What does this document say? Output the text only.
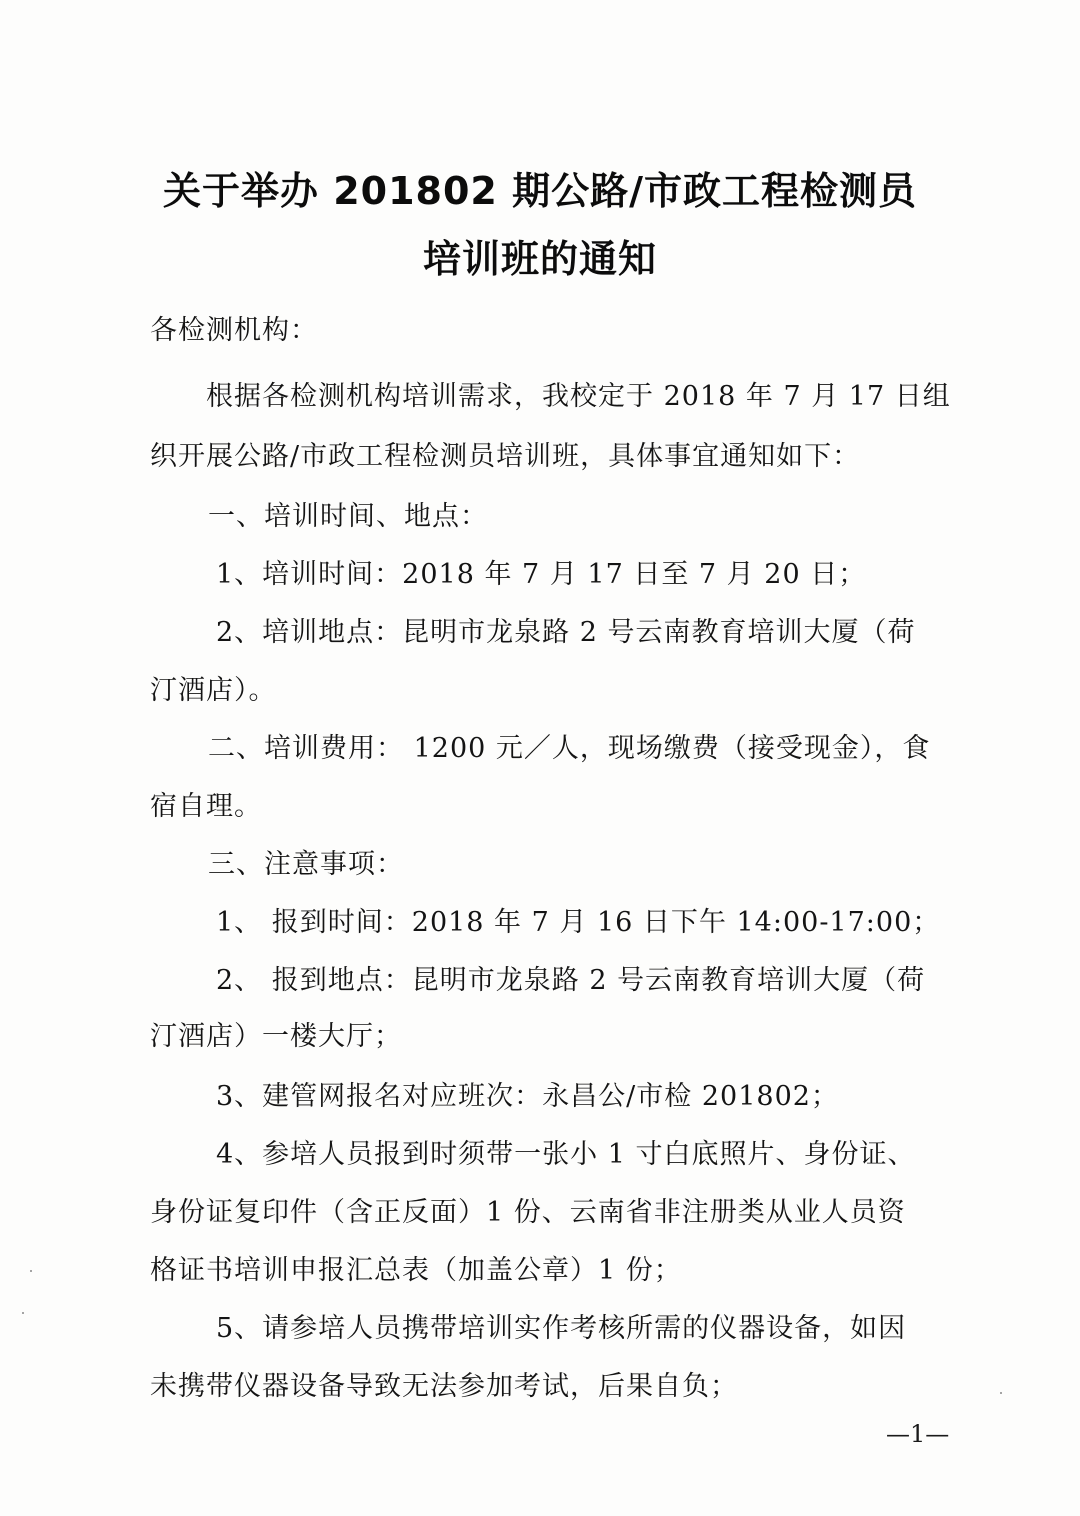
关于举办 201802 期公路/市政工程检测员
培训班的通知
各检测机构：
根据各检测机构培训需求，我校定于 2018 年 7 月 17 日组
织开展公路/市政工程检测员培训班，具体事宜通知如下：
一、培训时间、地点：
1、培训时间：2018 年 7 月 17 日至 7 月 20 日；
2、培训地点：昆明市龙泉路 2 号云南教育培训大厦（荷
汀酒店）。
二、培训费用： 1200 元／人，现场缴费（接受现金），食
宿自理。
三、注意事项：
1、 报到时间：2018 年 7 月 16 日下午 14:00-17:00；
2、 报到地点：昆明市龙泉路 2 号云南教育培训大厦（荷
汀酒店）一楼大厅；
3、建管网报名对应班次：永昌公/市检 201802；
4、参培人员报到时须带一张小 1 寸白底照片、身份证、
身份证复印件（含正反面）1 份、云南省非注册类从业人员资
格证书培训申报汇总表（加盖公章）1 份；
5、请参培人员携带培训实作考核所需的仪器设备，如因
未携带仪器设备导致无法参加考试，后果自负；
—1—
